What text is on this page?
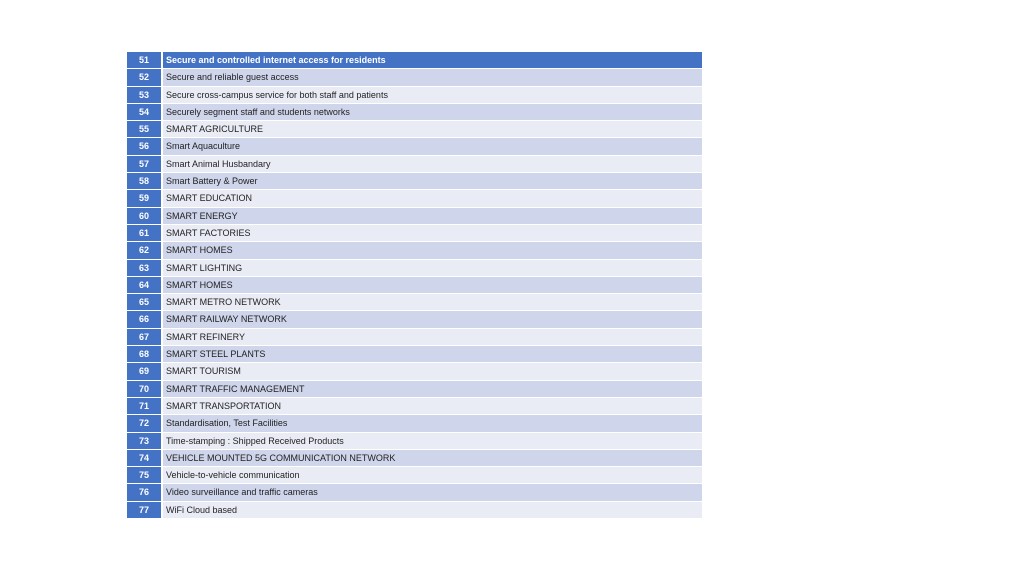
51	Secure and controlled internet access for residents
52	Secure and reliable guest access
53	Secure cross-campus service for both staff and patients
54	Securely segment staff and students networks
55	SMART AGRICULTURE
56	Smart Aquaculture
57	Smart Animal Husbandary
58	Smart Battery & Power
59	SMART EDUCATION
60	SMART ENERGY
61	SMART FACTORIES
62	SMART HOMES
63	SMART LIGHTING
64	SMART HOMES
65	SMART METRO NETWORK
66	SMART RAILWAY NETWORK
67	SMART REFINERY
68	SMART STEEL PLANTS
69	SMART TOURISM
70	SMART TRAFFIC MANAGEMENT
71	SMART TRANSPORTATION
72	Standardisation, Test Facilities
73	Time-stamping : Shipped Received Products
74	VEHICLE MOUNTED 5G COMMUNICATION NETWORK
75	Vehicle-to-vehicle communication
76	Video surveillance and traffic cameras
77	WiFi Cloud based
